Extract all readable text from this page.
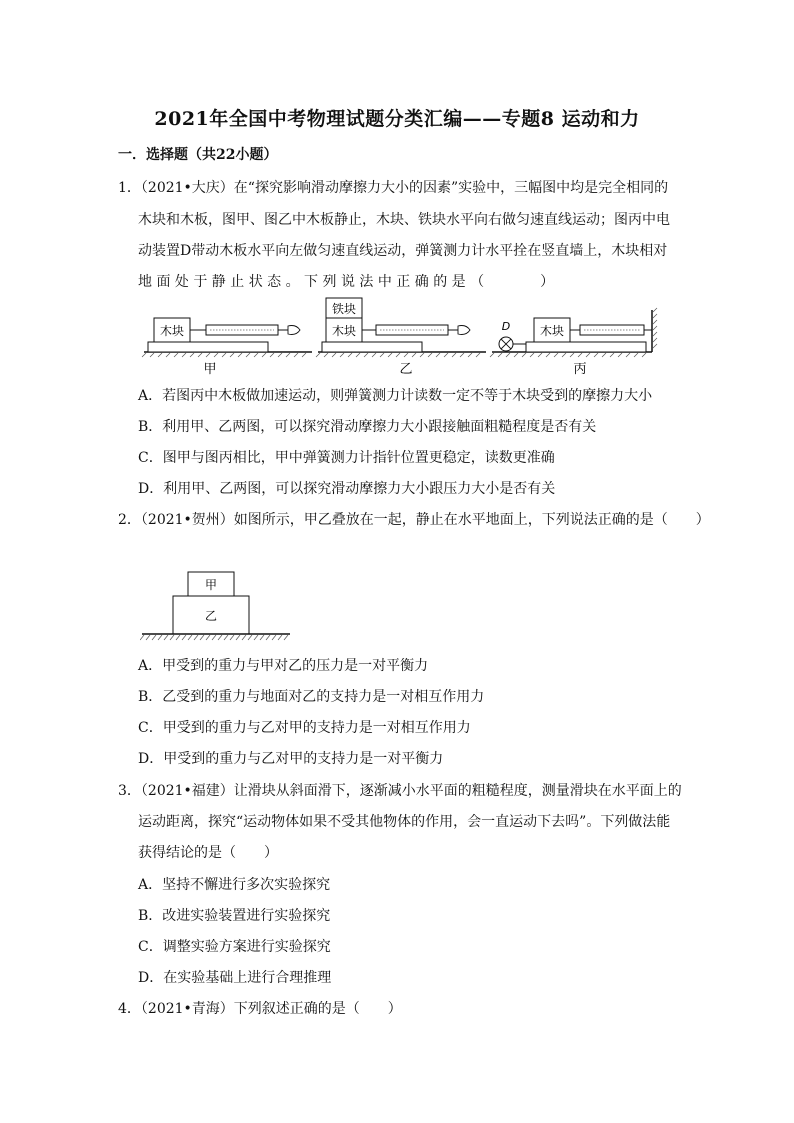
2021年全国中考物理试题分类汇编——专题8 运动和力
一．选择题（共22小题）
1．（2021•大庆）在“探究影响滑动摩擦力大小的因素”实验中，三幅图中均是完全相同的
木块和木板，图甲、图乙中木板静止，木块、铁块水平向右做匀速直线运动；图丙中电
动装置D带动木板水平向左做匀速直线运动，弹簧测力计水平拴在竖直墙上，木块相对
地 面 处 于 静 止 状 态 。 下 列 说 法 中 正 确 的 是 （　　　　）
木块
甲
铁块
木块
乙
D 木块
丙
A．若图丙中木板做加速运动，则弹簧测力计读数一定不等于木块受到的摩擦力大小
B．利用甲、乙两图，可以探究滑动摩擦力大小跟接触面粗糙程度是否有关
C．图甲与图丙相比，甲中弹簧测力计指针位置更稳定，读数更准确
D．利用甲、乙两图，可以探究滑动摩擦力大小跟压力大小是否有关
2．（2021•贺州）如图所示，甲乙叠放在一起，静止在水平地面上，下列说法正确的是（　　）
甲
乙
A．甲受到的重力与甲对乙的压力是一对平衡力
B．乙受到的重力与地面对乙的支持力是一对相互作用力
C．甲受到的重力与乙对甲的支持力是一对相互作用力
D．甲受到的重力与乙对甲的支持力是一对平衡力
3．（2021•福建）让滑块从斜面滑下，逐渐减小水平面的粗糙程度，测量滑块在水平面上的
运动距离，探究“运动物体如果不受其他物体的作用，会一直运动下去吗”。下列做法能
获得结论的是（　　）
A．坚持不懈进行多次实验探究
B．改进实验装置进行实验探究
C．调整实验方案进行实验探究
D．在实验基础上进行合理推理
4．（2021•青海）下列叙述正确的是（　　）
